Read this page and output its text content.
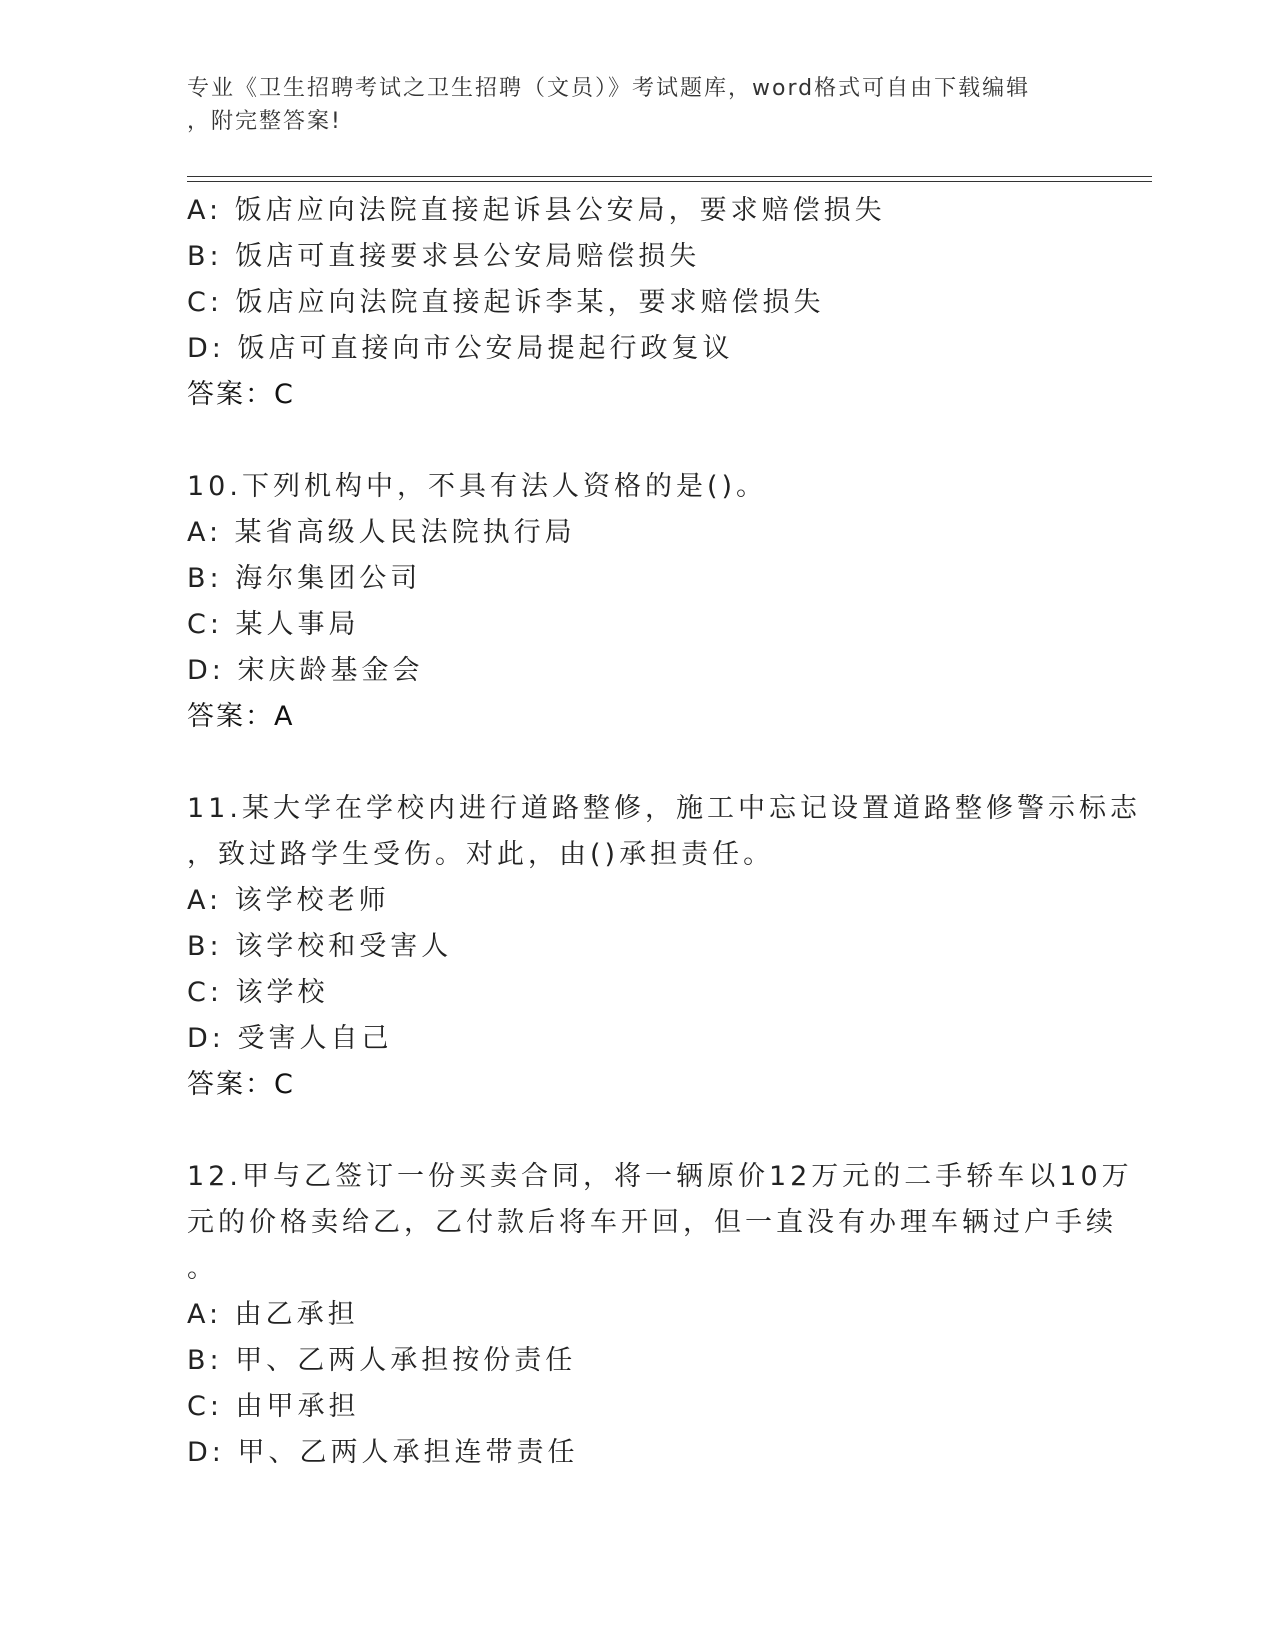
专业《卫生招聘考试之卫生招聘（文员）》考试题库，word格式可自由下载编辑
，附完整答案!
A: 饭店应向法院直接起诉县公安局，要求赔偿损失
B: 饭店可直接要求县公安局赔偿损失
C: 饭店应向法院直接起诉李某，要求赔偿损失
D: 饭店可直接向市公安局提起行政复议
答案：C
10.下列机构中，不具有法人资格的是()。
A: 某省高级人民法院执行局
B: 海尔集团公司
C: 某人事局
D: 宋庆龄基金会
答案：A
11.某大学在学校内进行道路整修，施工中忘记设置道路整修警示标志
，致过路学生受伤。对此，由()承担责任。
A: 该学校老师
B: 该学校和受害人
C: 该学校
D: 受害人自己
答案：C
12.甲与乙签订一份买卖合同，将一辆原价12万元的二手轿车以10万
元的价格卖给乙，乙付款后将车开回，但一直没有办理车辆过户手续
。
A: 由乙承担
B: 甲、乙两人承担按份责任
C: 由甲承担
D: 甲、乙两人承担连带责任
